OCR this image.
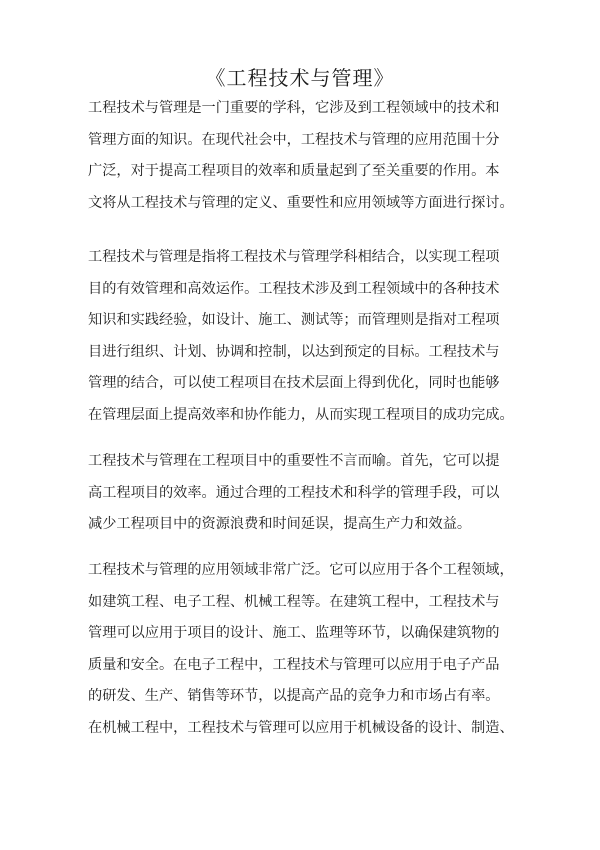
《工程技术与管理》

工程技术与管理是一门重要的学科，它涉及到工程领域中的技术和
管理方面的知识。在现代社会中，工程技术与管理的应用范围十分
广泛，对于提高工程项目的效率和质量起到了至关重要的作用。本
文将从工程技术与管理的定义、重要性和应用领域等方面进行探讨。

工程技术与管理是指将工程技术与管理学科相结合，以实现工程项
目的有效管理和高效运作。工程技术涉及到工程领域中的各种技术
知识和实践经验，如设计、施工、测试等；而管理则是指对工程项
目进行组织、计划、协调和控制，以达到预定的目标。工程技术与
管理的结合，可以使工程项目在技术层面上得到优化，同时也能够
在管理层面上提高效率和协作能力，从而实现工程项目的成功完成。

工程技术与管理在工程项目中的重要性不言而喻。首先，它可以提
高工程项目的效率。通过合理的工程技术和科学的管理手段，可以
减少工程项目中的资源浪费和时间延误，提高生产力和效益。

工程技术与管理的应用领域非常广泛。它可以应用于各个工程领域，
如建筑工程、电子工程、机械工程等。在建筑工程中，工程技术与
管理可以应用于项目的设计、施工、监理等环节，以确保建筑物的
质量和安全。在电子工程中，工程技术与管理可以应用于电子产品
的研发、生产、销售等环节，以提高产品的竞争力和市场占有率。
在机械工程中，工程技术与管理可以应用于机械设备的设计、制造、
